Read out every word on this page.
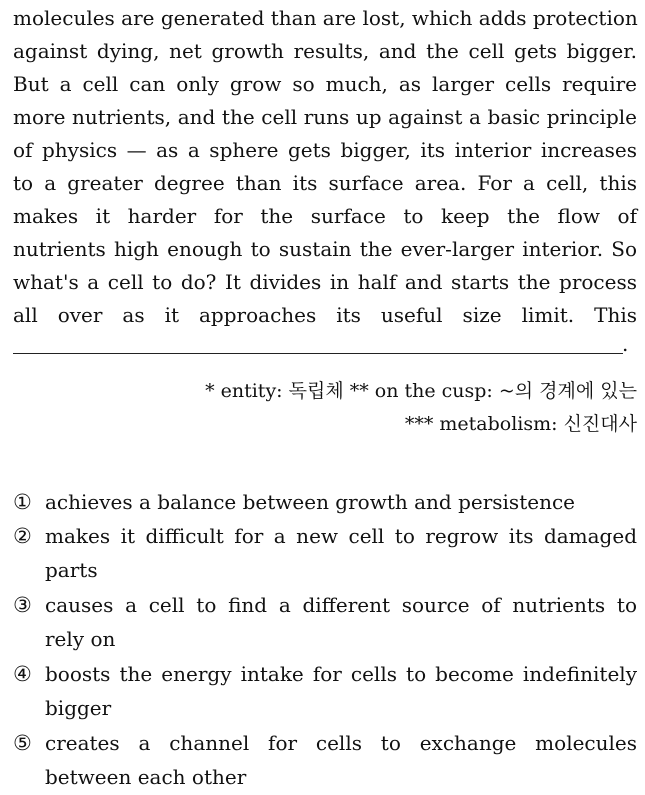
molecules are generated than are lost, which adds protection
against dying, net growth results, and the cell gets bigger.
But a cell can only grow so much, as larger cells require
more nutrients, and the cell runs up against a basic principle
of physics — as a sphere gets bigger, its interior increases
to a greater degree than its surface area. For a cell, this
makes it harder for the surface to keep the flow of
nutrients high enough to sustain the ever-larger interior. So
what's a cell to do? It divides in half and starts the process
all over as it approaches its useful size limit. This
.
* entity: 독립체 ** on the cusp: ~의 경계에 있는
*** metabolism: 신진대사
① achieves a balance between growth and persistence
② makes it difficult for a new cell to regrow its damaged
parts
③ causes a cell to find a different source of nutrients to
rely on
④ boosts the energy intake for cells to become indefinitely
bigger
⑤ creates a channel for cells to exchange molecules
between each other
